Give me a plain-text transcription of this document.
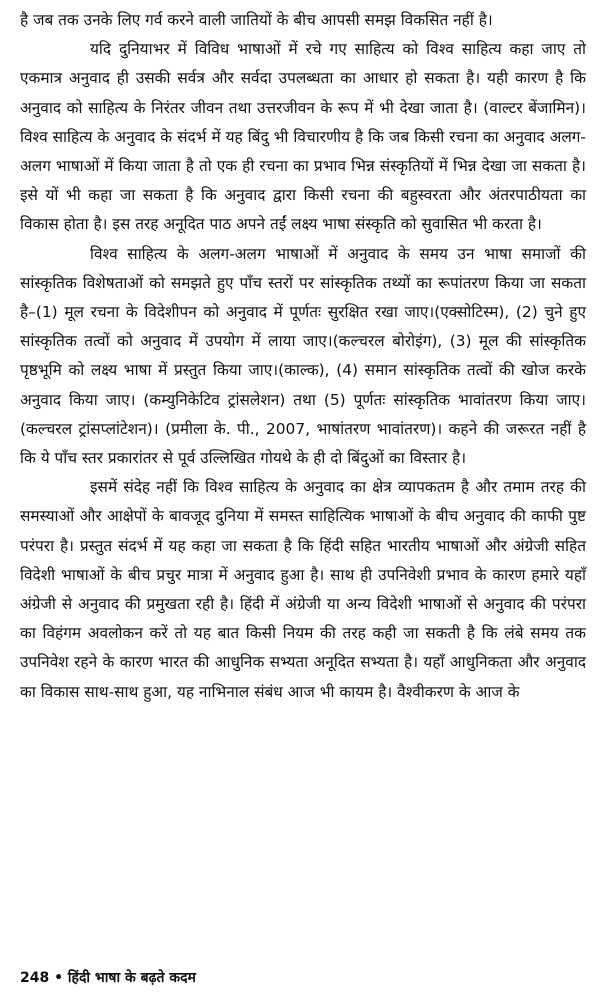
है जब तक उनके लिए गर्व करने वाली जातियों के बीच आपसी समझ विकसित नहीं है।

यदि दुनियाभर में विविध भाषाओं में रचे गए साहित्य को विश्व साहित्य कहा जाए तो एकमात्र अनुवाद ही उसकी सर्वत्र और सर्वदा उपलब्धता का आधार हो सकता है। यही कारण है कि अनुवाद को साहित्य के निरंतर जीवन तथा उत्तरजीवन के रूप में भी देखा जाता है। (वाल्टर बेंजामिन)। विश्व साहित्य के अनुवाद के संदर्भ में यह बिंदु भी विचारणीय है कि जब किसी रचना का अनुवाद अलग-अलग भाषाओं में किया जाता है तो एक ही रचना का प्रभाव भिन्न संस्कृतियों में भिन्न देखा जा सकता है। इसे यों भी कहा जा सकता है कि अनुवाद द्वारा किसी रचना की बहुस्वरता और अंतरपाठीयता का विकास होता है। इस तरह अनूदित पाठ अपने तईं लक्ष्य भाषा संस्कृति को सुवासित भी करता है।

विश्व साहित्य के अलग-अलग भाषाओं में अनुवाद के समय उन भाषा समाजों की सांस्कृतिक विशेषताओं को समझते हुए पाँच स्तरों पर सांस्कृतिक तथ्यों का रूपांतरण किया जा सकता है–(1) मूल रचना के विदेशीपन को अनुवाद में पूर्णतः सुरक्षित रखा जाए।(एक्सोटिस्म), (2) चुने हुए सांस्कृतिक तत्वों को अनुवाद में उपयोग में लाया जाए।(कल्चरल बोरोइंग), (3) मूल की सांस्कृतिक पृष्ठभूमि को लक्ष्य भाषा में प्रस्तुत किया जाए।(काल्क), (4) समान सांस्कृतिक तत्वों की खोज करके अनुवाद किया जाए। (कम्युनिकेटिव ट्रांसलेशन) तथा (5) पूर्णतः सांस्कृतिक भावांतरण किया जाए। (कल्चरल ट्रांसप्लांटेशन)। (प्रमीला के. पी., 2007, भाषांतरण भावांतरण)। कहने की जरूरत नहीं है कि ये पाँच स्तर प्रकारांतर से पूर्व उल्लिखित गोयथे के ही दो बिंदुओं का विस्तार है।

इसमें संदेह नहीं कि विश्व साहित्य के अनुवाद का क्षेत्र व्यापकतम है और तमाम तरह की समस्याओं और आक्षेपों के बावजूद दुनिया में समस्त साहित्यिक भाषाओं के बीच अनुवाद की काफी पुष्ट परंपरा है। प्रस्तुत संदर्भ में यह कहा जा सकता है कि हिंदी सहित भारतीय भाषाओं और अंग्रेजी सहित विदेशी भाषाओं के बीच प्रचुर मात्रा में अनुवाद हुआ है। साथ ही उपनिवेशी प्रभाव के कारण हमारे यहाँ अंग्रेजी से अनुवाद की प्रमुखता रही है। हिंदी में अंग्रेजी या अन्य विदेशी भाषाओं से अनुवाद की परंपरा का विहंगम अवलोकन करें तो यह बात किसी नियम की तरह कही जा सकती है कि लंबे समय तक उपनिवेश रहने के कारण भारत की आधुनिक सभ्यता अनूदित सभ्यता है। यहाँ आधुनिकता और अनुवाद का विकास साथ-साथ हुआ, यह नाभिनाल संबंध आज भी कायम है। वैश्वीकरण के आज के

248 • हिंदी भाषा के बढ़ते कदम
